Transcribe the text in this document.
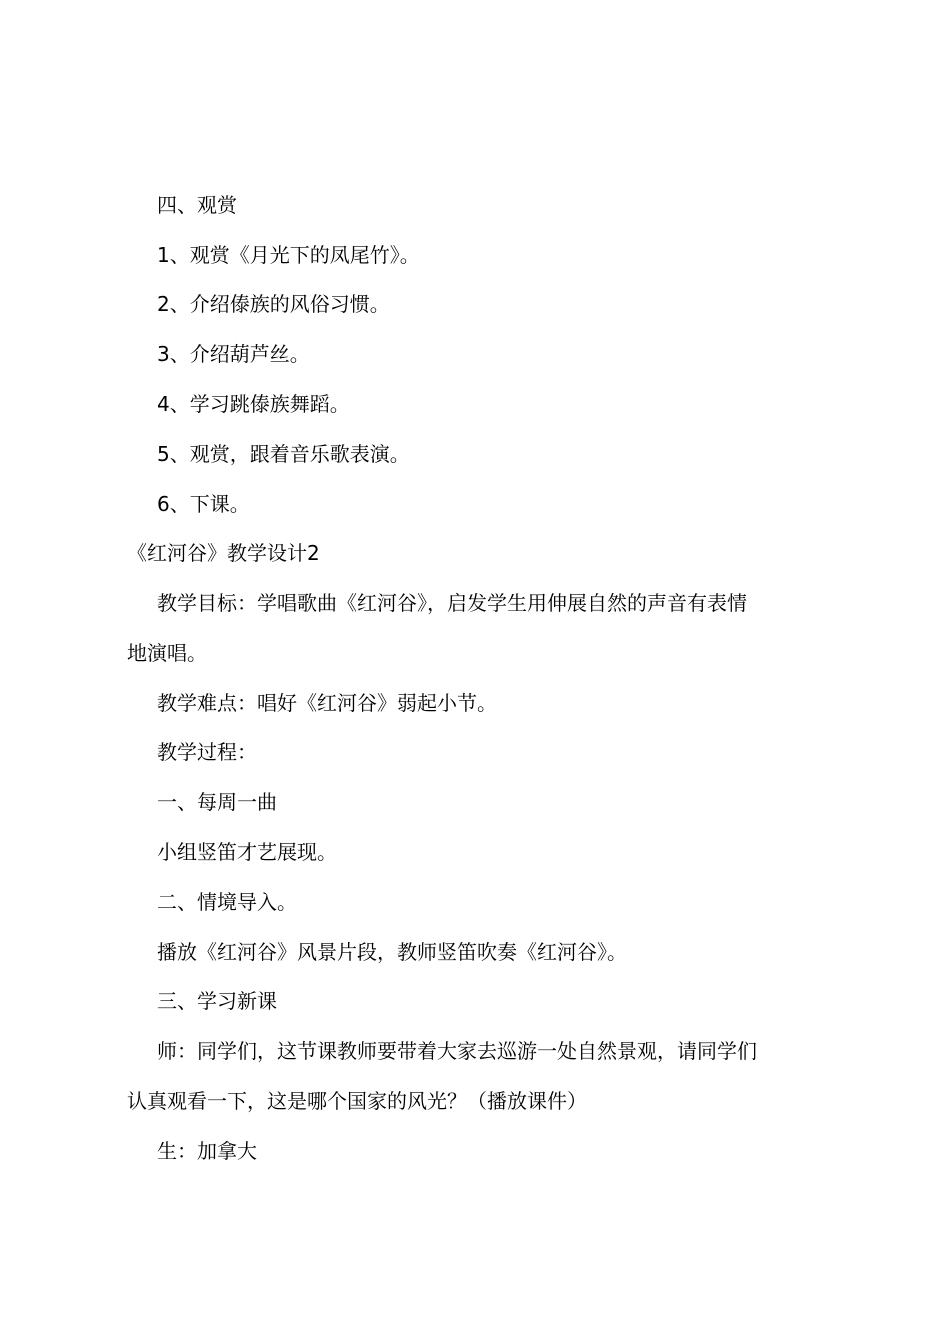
四、观赏
1、观赏《月光下的凤尾竹》。
2、介绍傣族的风俗习惯。
3、介绍葫芦丝。
4、学习跳傣族舞蹈。
5、观赏，跟着音乐歌表演。
6、下课。
《红河谷》教学设计2
教学目标：学唱歌曲《红河谷》，启发学生用伸展自然的声音有表情
地演唱。
教学难点：唱好《红河谷》弱起小节。
教学过程：
一、每周一曲
小组竖笛才艺展现。
二、情境导入。
播放《红河谷》风景片段，教师竖笛吹奏《红河谷》。
三、学习新课
师：同学们，这节课教师要带着大家去巡游一处自然景观，请同学们
认真观看一下，这是哪个国家的风光？（播放课件）
生：加拿大
